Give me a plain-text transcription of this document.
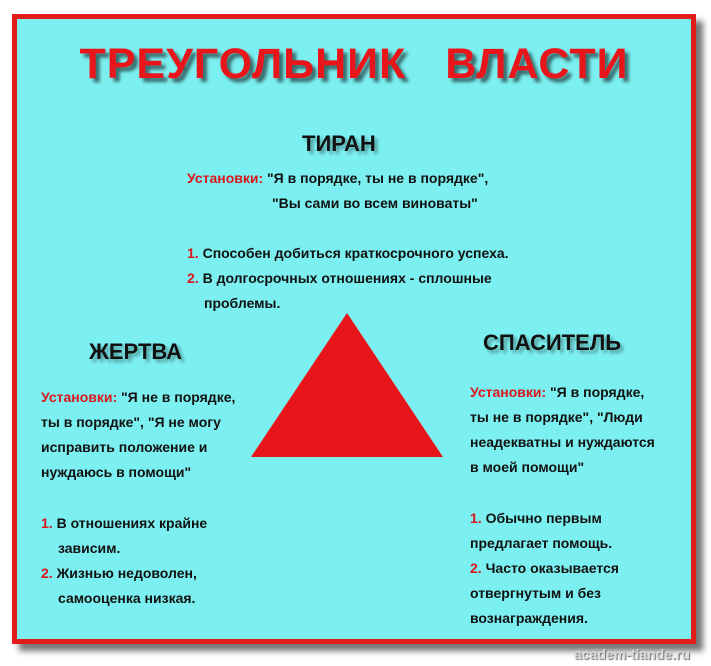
ТРЕУГОЛЬНИК ВЛАСТИ
ТИРАН
Установки: "Я в порядке, ты не в порядке",
"Вы сами во всем виноваты"
1. Способен добиться краткосрочного успеха.
2. В долгосрочных отношениях - сплошные
проблемы.
ЖЕРТВА
Установки: "Я не в порядке,
ты в порядке", "Я не могу
исправить положение и
нуждаюсь в помощи"
1. В отношениях крайне
зависим.
2. Жизнью недоволен,
самооценка низкая.
СПАСИТЕЛЬ
Установки: "Я в порядке,
ты не в порядке", "Люди
неадекватны и нуждаются
в моей помощи"
1. Обычно первым
предлагает помощь.
2. Часто оказывается
отвергнутым и без
вознаграждения.
academ-tiande.ru
